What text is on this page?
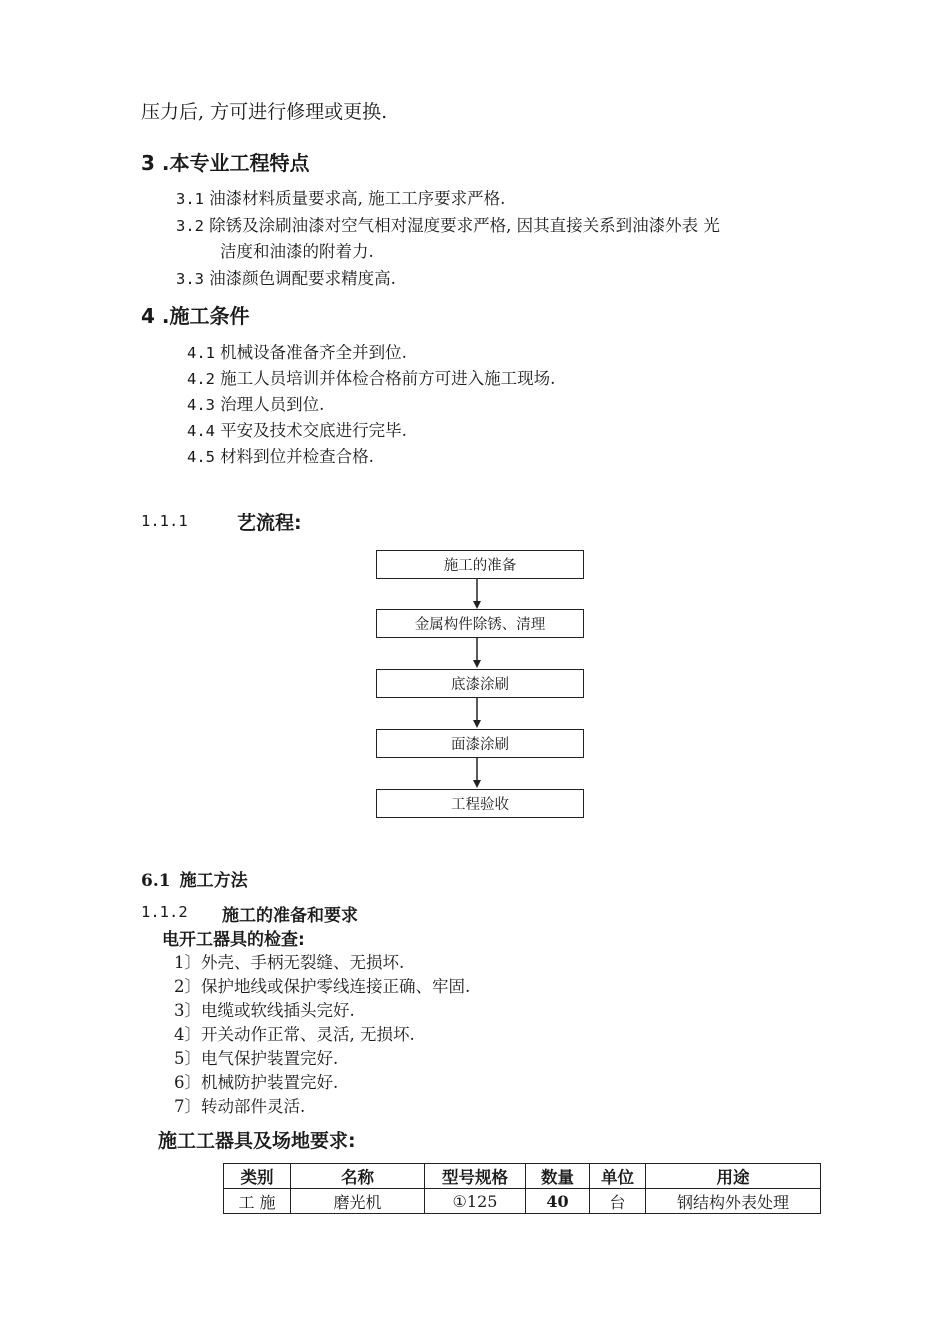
压力后, 方可进行修理或更换.
3 .本专业工程特点
3.1 油漆材料质量要求高, 施工工序要求严格.
3.2 除锈及涂刷油漆对空气相对湿度要求严格, 因其直接关系到油漆外表 光
洁度和油漆的附着力.
3.3 油漆颜色调配要求精度高.
4 .施工条件
4.1 机械设备准备齐全并到位.
4.2 施工人员培训并体检合格前方可进入施工现场.
4.3 治理人员到位.
4.4 平安及技术交底进行完毕.
4.5 材料到位并检查合格.
1.1.1	艺流程:
施工的准备
金属构件除锈、清理
底漆涂刷
面漆涂刷
工程验收
6.1 施工方法
1.1.2 施工的准备和要求
电开工器具的检查:
1〕外壳、手柄无裂缝、无损坏.
2〕保护地线或保护零线连接正确、牢固.
3〕电缆或软线插头完好.
4〕开关动作正常、灵活, 无损坏.
5〕电气保护装置完好.
6〕机械防护装置完好.
7〕转动部件灵活.
施工工器具及场地要求:
类别	名称	型号规格	数量	单位	用途
工 施	磨光机	①125	40	台	钢结构外表处理
